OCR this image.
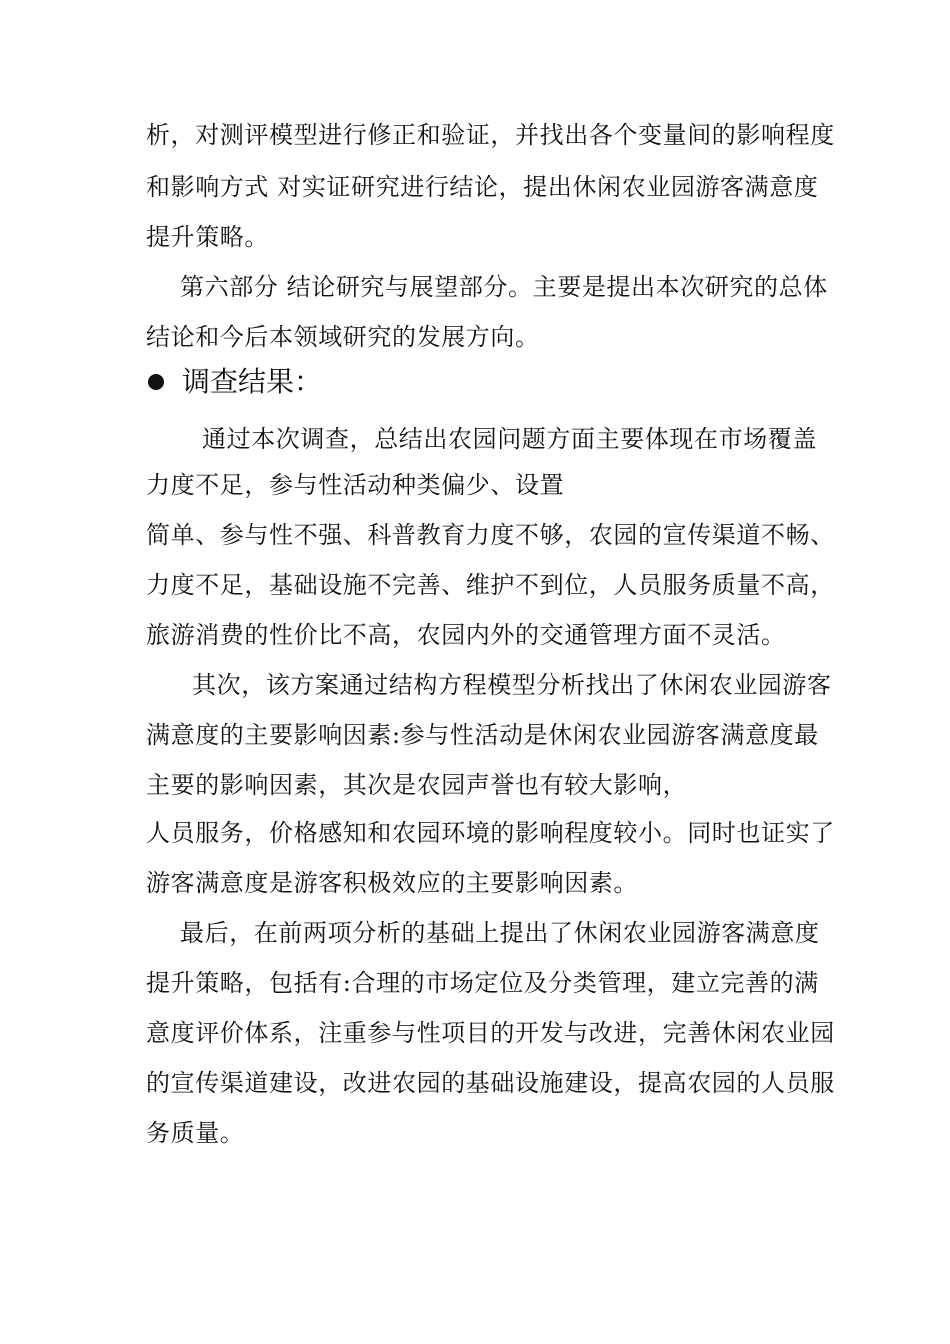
析，对测评模型进行修正和验证，并找出各个变量间的影响程度
和影响方式 对实证研究进行结论，提出休闲农业园游客满意度
提升策略。
第六部分 结论研究与展望部分。主要是提出本次研究的总体
结论和今后本领域研究的发展方向。
调查结果：
通过本次调查，总结出农园问题方面主要体现在市场覆盖
力度不足，参与性活动种类偏少、设置
简单、参与性不强、科普教育力度不够，农园的宣传渠道不畅、
力度不足，基础设施不完善、维护不到位，人员服务质量不高，
旅游消费的性价比不高，农园内外的交通管理方面不灵活。
其次，该方案通过结构方程模型分析找出了休闲农业园游客
满意度的主要影响因素:参与性活动是休闲农业园游客满意度最
主要的影响因素，其次是农园声誉也有较大影响，
人员服务，价格感知和农园环境的影响程度较小。同时也证实了
游客满意度是游客积极效应的主要影响因素。
最后，在前两项分析的基础上提出了休闲农业园游客满意度
提升策略，包括有:合理的市场定位及分类管理，建立完善的满
意度评价体系，注重参与性项目的开发与改进，完善休闲农业园
的宣传渠道建设，改进农园的基础设施建设，提高农园的人员服
务质量。
